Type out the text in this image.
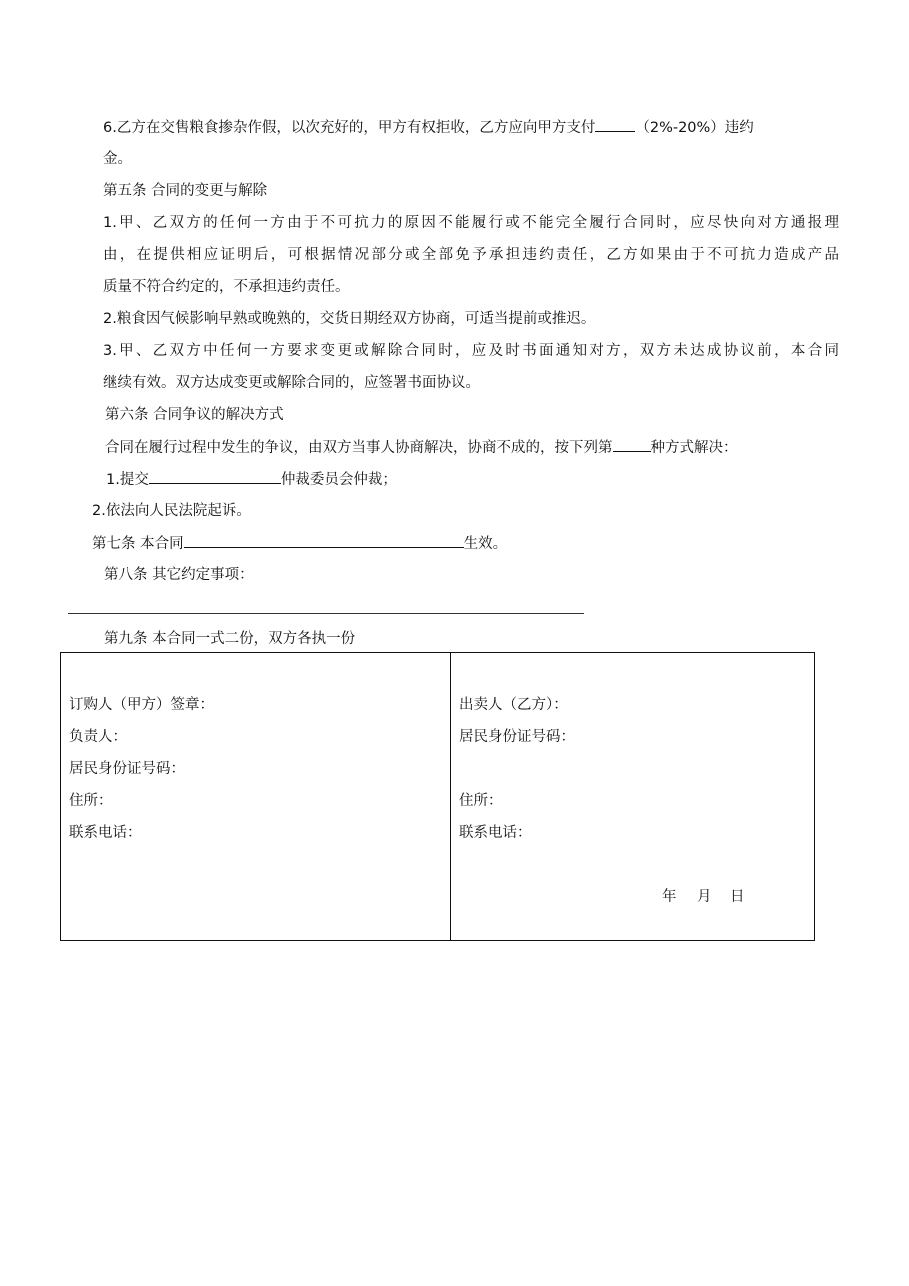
6.乙方在交售粮食掺杂作假，以次充好的，甲方有权拒收，乙方应向甲方支付	（2%-20%）违约
金。
第五条 合同的变更与解除
1.甲、乙双方的任何一方由于不可抗力的原因不能履行或不能完全履行合同时，应尽快向对方通报理
由，在提供相应证明后，可根据情况部分或全部免予承担违约责任，乙方如果由于不可抗力造成产品
质量不符合约定的，不承担违约责任。
2.粮食因气候影响早熟或晚熟的，交货日期经双方协商，可适当提前或推迟。
3.甲、乙双方中任何一方要求变更或解除合同时，应及时书面通知对方，双方未达成协议前，本合同
继续有效。双方达成变更或解除合同的，应签署书面协议。
第六条 合同争议的解决方式
合同在履行过程中发生的争议，由双方当事人协商解决，协商不成的，按下列第	种方式解决：
1.提交	仲裁委员会仲裁；
2.依法向人民法院起诉。
第七条 本合同	生效。
第八条 其它约定事项：
第九条 本合同一式二份，双方各执一份
订购人（甲方）签章：
负责人：
居民身份证号码：
住所：
联系电话：
出卖人（乙方）：
居民身份证号码：
住所：
联系电话：
年 月 日
